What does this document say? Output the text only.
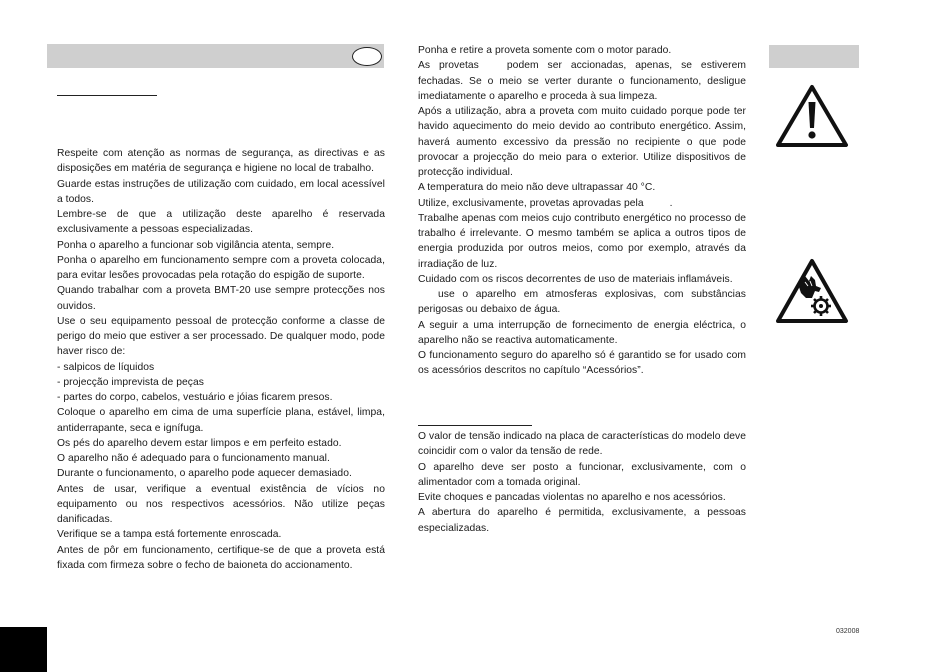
Respeite com atenção as normas de segurança, as directivas e as disposições em matéria de segurança e higiene no local de trabalho.

Guarde estas instruções de utilização com cuidado, em local acessível a todos.

Lembre-se de que a utilização deste aparelho é reservada exclusivamente a pessoas especializadas.

Ponha o aparelho a funcionar sob vigilância atenta, sempre.

Ponha o aparelho em funcionamento sempre com a proveta colocada, para evitar lesões provocadas pela rotação do espigão de suporte.

Quando trabalhar com a proveta BMT-20 use sempre protecções nos ouvidos.

Use o seu equipamento pessoal de protecção conforme a classe de perigo do meio que estiver a ser processado. De qualquer modo, pode haver risco de:

- salpicos de líquidos

- projecção imprevista de peças

- partes do corpo, cabelos, vestuário e jóias ficarem presos.

Coloque o aparelho em cima de uma superfície plana, estável, limpa, antiderrapante, seca e ignífuga.

Os pés do aparelho devem estar limpos e em perfeito estado.

O aparelho não é adequado para o funcionamento manual.

Durante o funcionamento, o aparelho pode aquecer demasiado.

Antes de usar, verifique a eventual existência de vícios no equipamento ou nos respectivos acessórios. Não utilize peças danificadas.

Verifique se a tampa está fortemente enroscada.

Antes de pôr em funcionamento, certifique-se de que a proveta está fixada com firmeza sobre o fecho de baioneta do accionamento.

Ponha e retire a proveta somente com o motor parado.

As provetas	podem ser accionadas, apenas, se estiverem fechadas. Se o meio se verter durante o funcionamento, desligue imediatamente o aparelho e proceda à sua limpeza.

Após a utilização, abra a proveta com muito cuidado porque pode ter havido aquecimento do meio devido ao contributo energético. Assim, haverá aumento excessivo da pressão no recipiente o que pode provocar a projecção do meio para o exterior. Utilize dispositivos de protecção individual.

A temperatura do meio não deve ultrapassar 40 °C.

Utilize, exclusivamente, provetas aprovadas pela	.

Trabalhe apenas com meios cujo contributo energético no processo de trabalho é irrelevante. O mesmo também se aplica a outros tipos de energia produzida por outros meios, como por exemplo, através da irradiação de luz.

Cuidado com os riscos decorrentes de uso de materiais inflamáveis.

use o aparelho em atmosferas explosivas, com substâncias perigosas ou debaixo de água.

A seguir a uma interrupção de fornecimento de energia eléctrica, o aparelho não se reactiva automaticamente.

O funcionamento seguro do aparelho só é garantido se for usado com os acessórios descritos no capítulo “Acessórios”.

O valor de tensão indicado na placa de características do modelo deve coincidir com o valor da tensão de rede.

O aparelho deve ser posto a funcionar, exclusivamente, com o alimentador com a tomada original.

Evite choques e pancadas violentas no aparelho e nos acessórios.

A abertura do aparelho é permitida, exclusivamente, a pessoas especializadas.

032008
